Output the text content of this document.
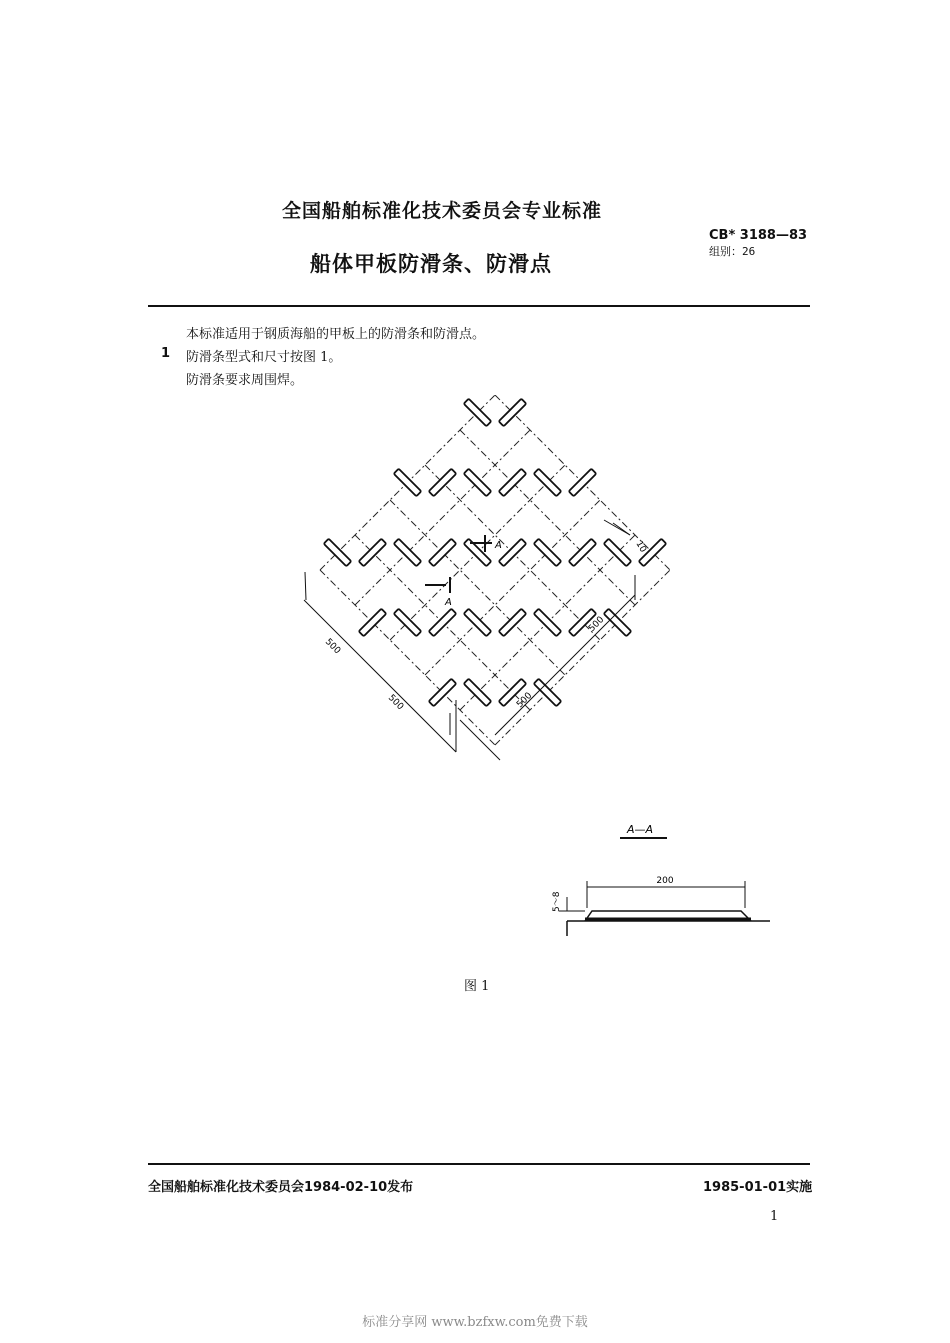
全国船舶标准化技术委员会专业标准
船体甲板防滑条、防滑点
CB* 3188—83
组别：26
本标准适用于钢质海船的甲板上的防滑条和防滑点。
1 防滑条型式和尺寸按图 1。
防滑条要求周围焊。
500
500	500
500
10
A
A
A—A
200
5～8
图 1
全国船舶标准化技术委员会1984-02-10发布	1985-01-01实施
1
标准分享网 www.bzfxw.com免费下载
